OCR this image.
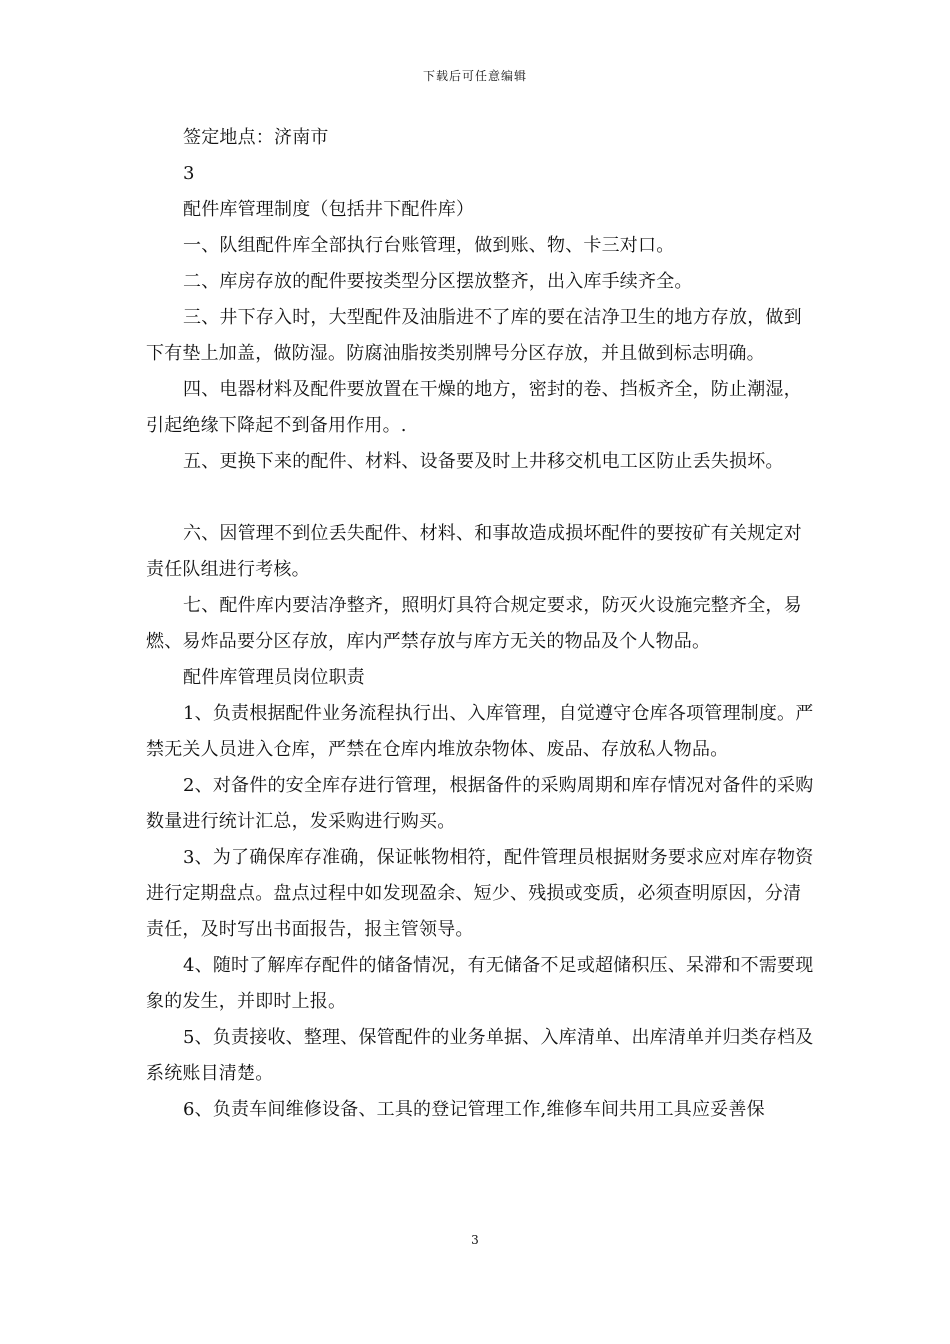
下载后可任意编辑

签定地点：济南市

3

配件库管理制度（包括井下配件库）

一、队组配件库全部执行台账管理，做到账、物、卡三对口。

二、库房存放的配件要按类型分区摆放整齐，出入库手续齐全。

三、井下存入时，大型配件及油脂进不了库的要在洁净卫生的地方存放，做到下有垫上加盖，做防湿。防腐油脂按类别牌号分区存放，并且做到标志明确。

四、电器材料及配件要放置在干燥的地方，密封的卷、挡板齐全，防止潮湿，引起绝缘下降起不到备用作用。.

五、更换下来的配件、材料、设备要及时上井移交机电工区防止丢失损坏。

六、因管理不到位丢失配件、材料、和事故造成损坏配件的要按矿有关规定对责任队组进行考核。

七、配件库内要洁净整齐，照明灯具符合规定要求，防灭火设施完整齐全，易燃、易炸品要分区存放，库内严禁存放与库方无关的物品及个人物品。

配件库管理员岗位职责

1、负责根据配件业务流程执行出、入库管理，自觉遵守仓库各项管理制度。严禁无关人员进入仓库，严禁在仓库内堆放杂物体、废品、存放私人物品。

2、对备件的安全库存进行管理，根据备件的采购周期和库存情况对备件的采购数量进行统计汇总，发采购进行购买。

3、为了确保库存准确，保证帐物相符，配件管理员根据财务要求应对库存物资进行定期盘点。盘点过程中如发现盈余、短少、残损或变质，必须查明原因，分清责任，及时写出书面报告，报主管领导。

4、随时了解库存配件的储备情况，有无储备不足或超储积压、呆滞和不需要现象的发生，并即时上报。

5、负责接收、整理、保管配件的业务单据、入库清单、出库清单并归类存档及系统账目清楚。

6、负责车间维修设备、工具的登记管理工作,维修车间共用工具应妥善保

3
